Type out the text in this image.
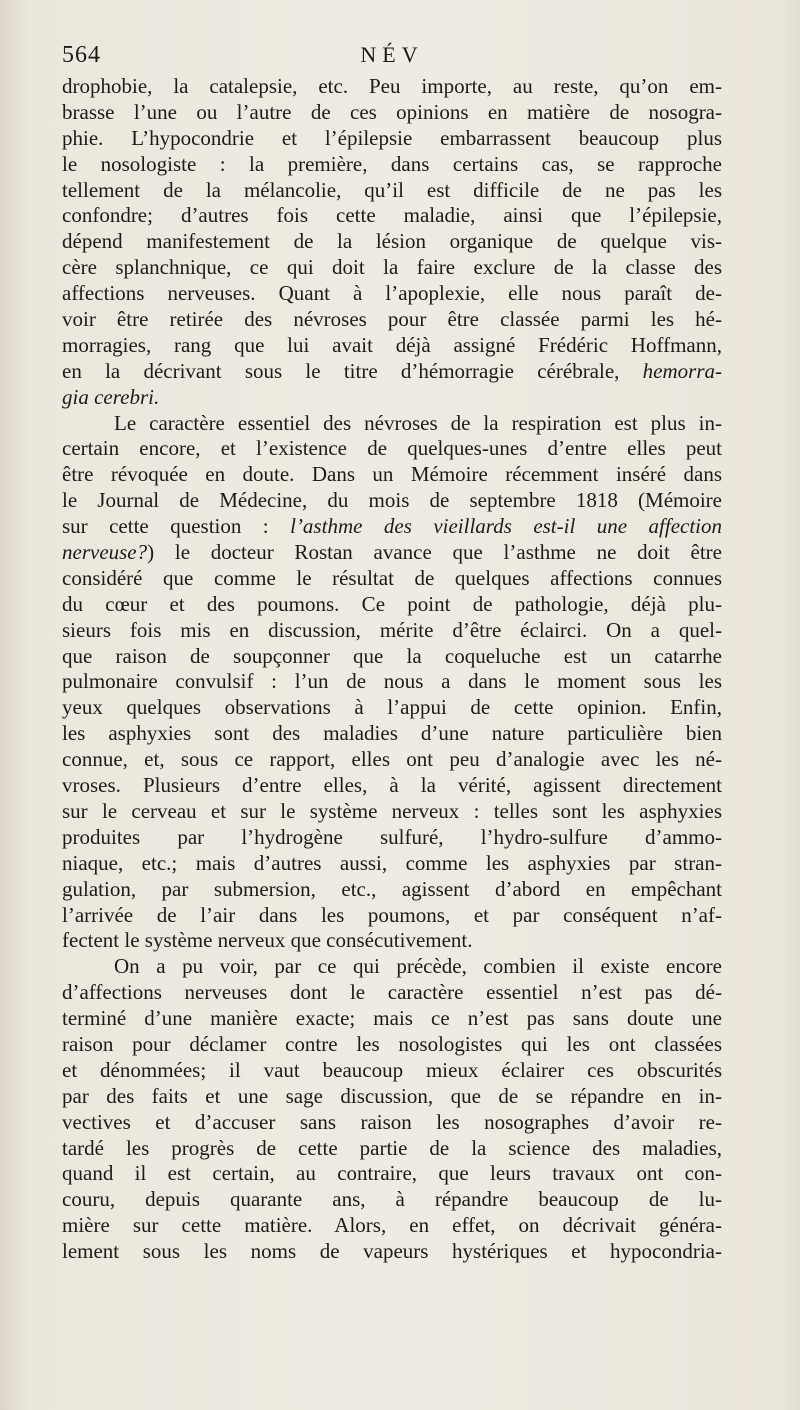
564	NÉV
drophobie, la catalepsie, etc. Peu importe, au reste, qu’on em-
brasse l’une ou l’autre de ces opinions en matière de nosogra-
phie. L’hypocondrie et l’épilepsie embarrassent beaucoup plus
le nosologiste : la première, dans certains cas, se rapproche
tellement de la mélancolie, qu’il est difficile de ne pas les
confondre; d’autres fois cette maladie, ainsi que l’épilepsie,
dépend manifestement de la lésion organique de quelque vis-
cère splanchnique, ce qui doit la faire exclure de la classe des
affections nerveuses. Quant à l’apoplexie, elle nous paraît de-
voir être retirée des névroses pour être classée parmi les hé-
morragies, rang que lui avait déjà assigné Frédéric Hoffmann,
en la décrivant sous le titre d’hémorragie cérébrale, hemorra-
gia cerebri.
Le caractère essentiel des névroses de la respiration est plus in-
certain encore, et l’existence de quelques-unes d’entre elles peut
être révoquée en doute. Dans un Mémoire récemment inséré dans
le Journal de Médecine, du mois de septembre 1818 (Mémoire
sur cette question : l’asthme des vieillards est-il une affection
nerveuse?) le docteur Rostan avance que l’asthme ne doit être
considéré que comme le résultat de quelques affections connues
du cœur et des poumons. Ce point de pathologie, déjà plu-
sieurs fois mis en discussion, mérite d’être éclairci. On a quel-
que raison de soupçonner que la coqueluche est un catarrhe
pulmonaire convulsif : l’un de nous a dans le moment sous les
yeux quelques observations à l’appui de cette opinion. Enfin,
les asphyxies sont des maladies d’une nature particulière bien
connue, et, sous ce rapport, elles ont peu d’analogie avec les né-
vroses. Plusieurs d’entre elles, à la vérité, agissent directement
sur le cerveau et sur le système nerveux : telles sont les asphyxies
produites par l’hydrogène sulfuré, l’hydro-sulfure d’ammo-
niaque, etc.; mais d’autres aussi, comme les asphyxies par stran-
gulation, par submersion, etc., agissent d’abord en empêchant
l’arrivée de l’air dans les poumons, et par conséquent n’af-
fectent le système nerveux que consécutivement.
On a pu voir, par ce qui précède, combien il existe encore
d’affections nerveuses dont le caractère essentiel n’est pas dé-
terminé d’une manière exacte; mais ce n’est pas sans doute une
raison pour déclamer contre les nosologistes qui les ont classées
et dénommées; il vaut beaucoup mieux éclairer ces obscurités
par des faits et une sage discussion, que de se répandre en in-
vectives et d’accuser sans raison les nosographes d’avoir re-
tardé les progrès de cette partie de la science des maladies,
quand il est certain, au contraire, que leurs travaux ont con-
couru, depuis quarante ans, à répandre beaucoup de lu-
mière sur cette matière. Alors, en effet, on décrivait généra-
lement sous les noms de vapeurs hystériques et hypocondria-
